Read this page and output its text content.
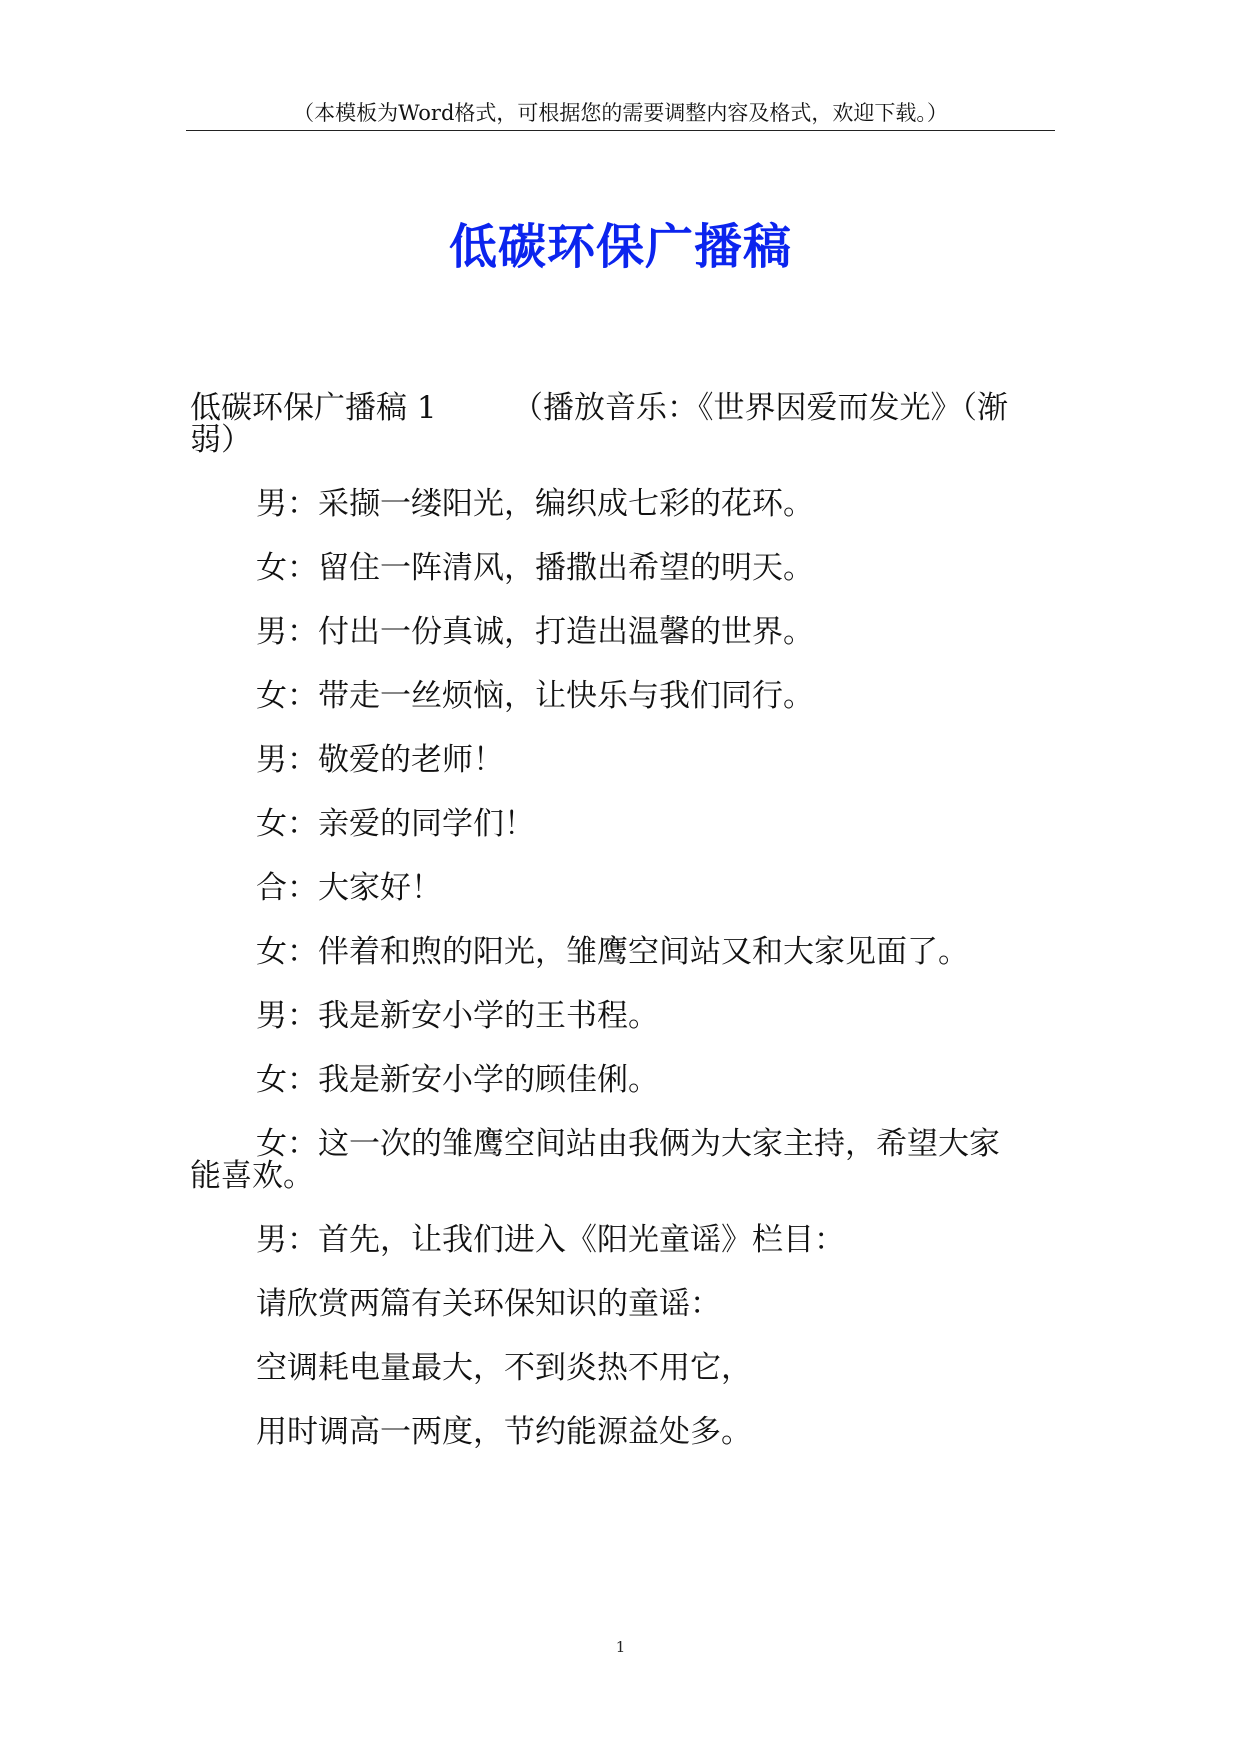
（本模板为Word格式，可根据您的需要调整内容及格式，欢迎下载。）
低碳环保广播稿
低碳环保广播稿 1 （播放音乐：《世界因爱而发光》（渐
弱）
男：采撷一缕阳光，编织成七彩的花环。
女：留住一阵清风，播撒出希望的明天。
男：付出一份真诚，打造出温馨的世界。
女：带走一丝烦恼，让快乐与我们同行。
男：敬爱的老师！
女：亲爱的同学们！
合：大家好！
女：伴着和煦的阳光，雏鹰空间站又和大家见面了。
男：我是新安小学的王书程。
女：我是新安小学的顾佳俐。
女：这一次的雏鹰空间站由我俩为大家主持，希望大家
能喜欢。
男：首先，让我们进入《阳光童谣》栏目：
请欣赏两篇有关环保知识的童谣：
空调耗电量最大，不到炎热不用它，
用时调高一两度，节约能源益处多。
1
